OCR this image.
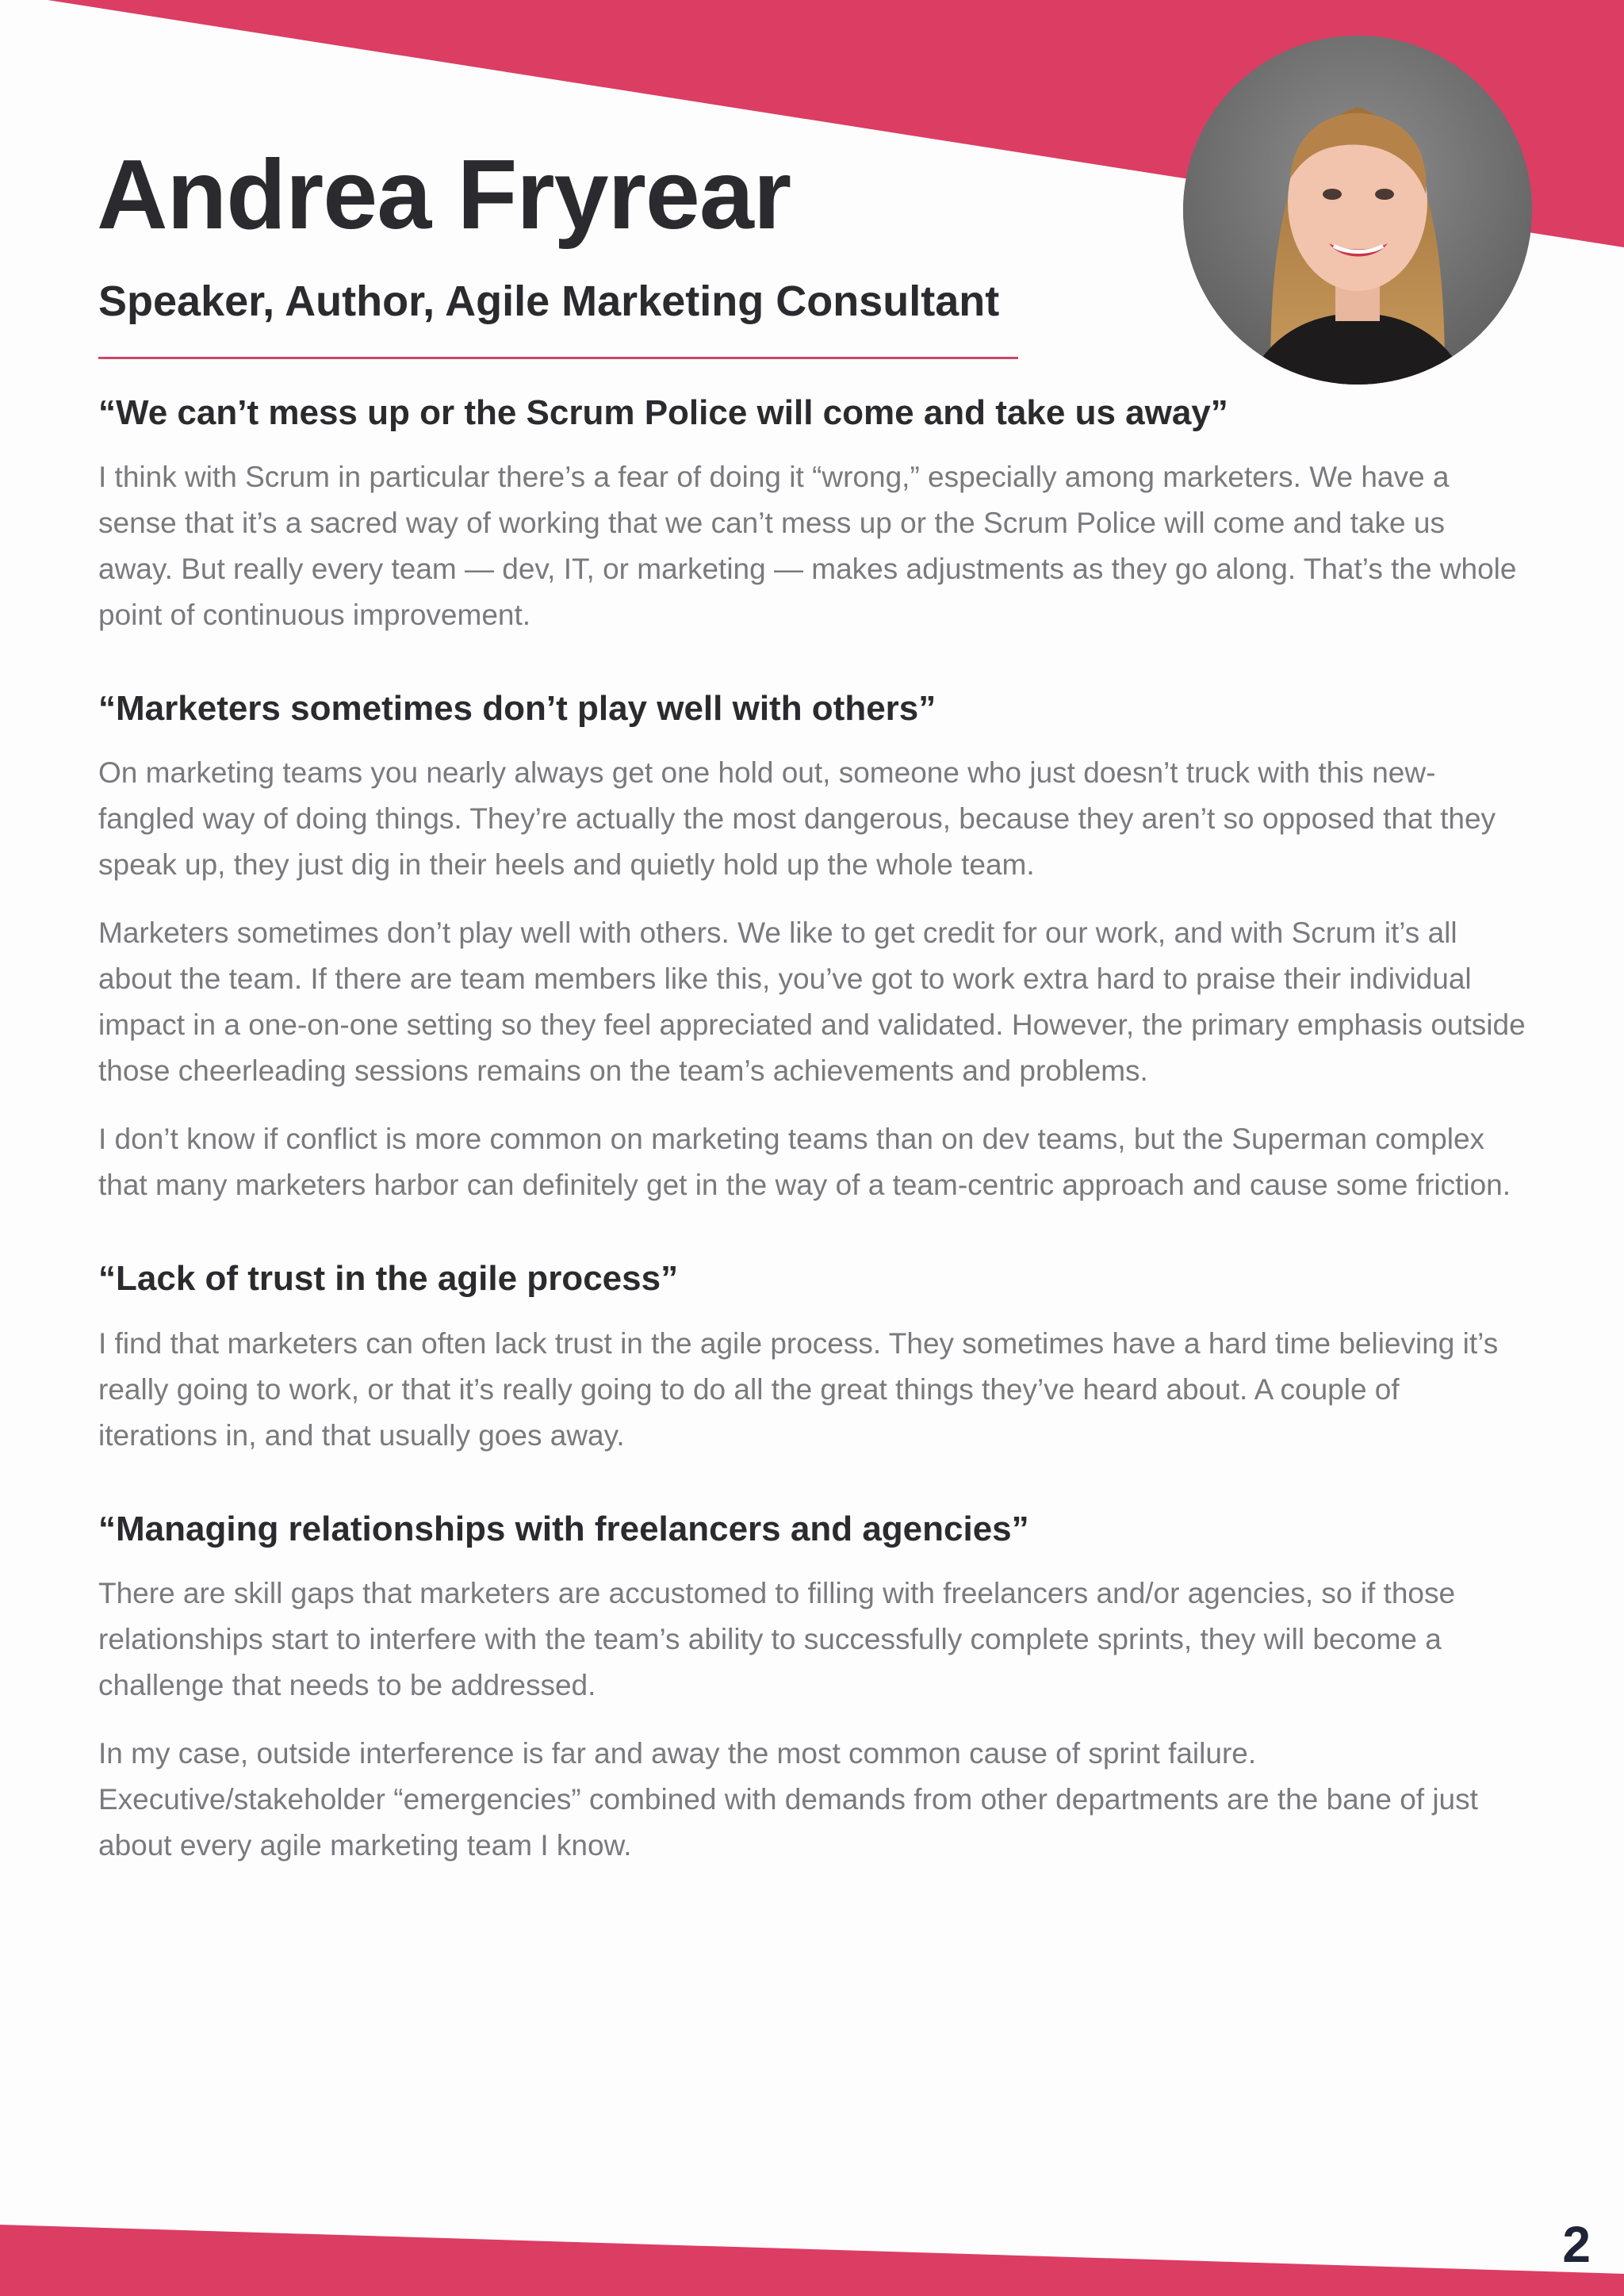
Andrea Fryrear
Speaker, Author, Agile Marketing Consultant
“We can’t mess up or the Scrum Police will come and take us away”

I think with Scrum in particular there’s a fear of doing it “wrong,” especially among marketers. We have a sense that it’s a sacred way of working that we can’t mess up or the Scrum Police will come and take us away. But really every team — dev, IT, or marketing — makes adjustments as they go along. That’s the whole point of continuous improvement.

“Marketers sometimes don’t play well with others”

On marketing teams you nearly always get one hold out, someone who just doesn’t truck with this new-fangled way of doing things. They’re actually the most dangerous, because they aren’t so opposed that they speak up, they just dig in their heels and quietly hold up the whole team.

Marketers sometimes don’t play well with others. We like to get credit for our work, and with Scrum it’s all about the team. If there are team members like this, you’ve got to work extra hard to praise their individual impact in a one-on-one setting so they feel appreciated and validated. However, the primary emphasis outside those cheerleading sessions remains on the team’s achievements and problems.

I don’t know if conflict is more common on marketing teams than on dev teams, but the Superman complex that many marketers harbor can definitely get in the way of a team-centric approach and cause some friction.

“Lack of trust in the agile process”

I find that marketers can often lack trust in the agile process. They sometimes have a hard time believing it’s really going to work, or that it’s really going to do all the great things they’ve heard about. A couple of iterations in, and that usually goes away.

“Managing relationships with freelancers and agencies”

There are skill gaps that marketers are accustomed to filling with freelancers and/or agencies, so if those relationships start to interfere with the team’s ability to successfully complete sprints, they will become a challenge that needs to be addressed.

In my case, outside interference is far and away the most common cause of sprint failure. Executive/stakeholder “emergencies” combined with demands from other departments are the bane of just about every agile marketing team I know.

2
